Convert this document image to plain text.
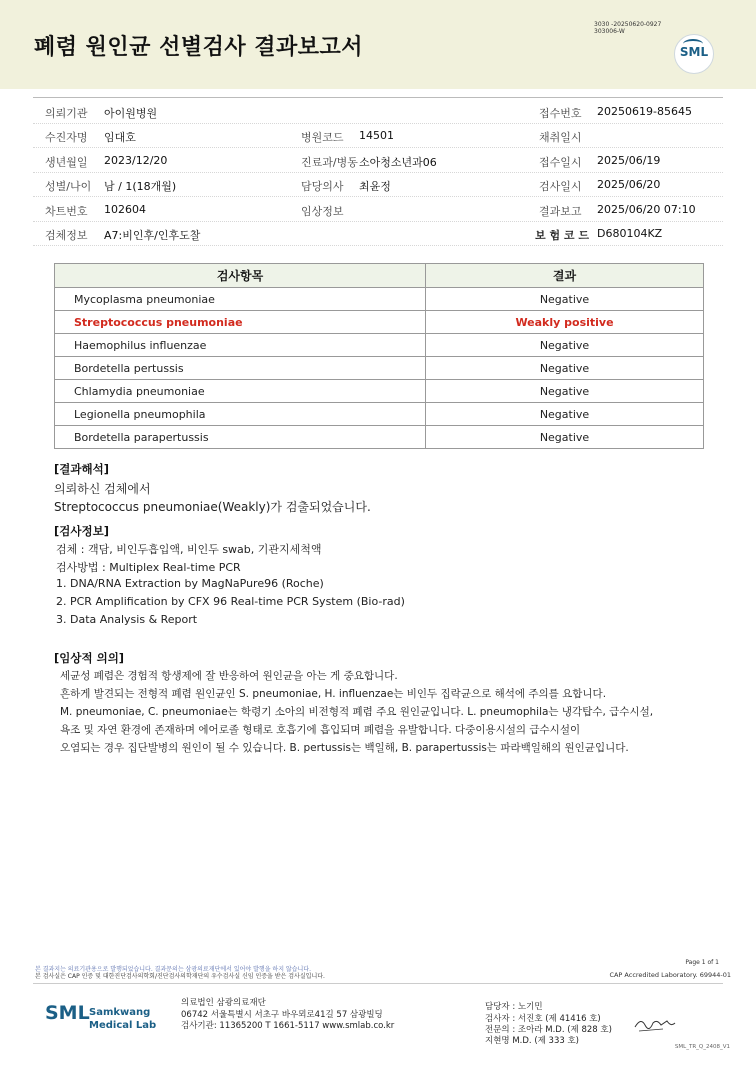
폐렴 원인균 선별검사 결과보고서
3030 -20250620-0927
303006-W
SML
의뢰기관 아이원병원	접수번호 20250619-85645
수진자명 임대호	병원코드 14501	채취일시
생년월일 2023/12/20	진료과/병동 소아청소년과06	접수일시 2025/06/19
성별/나이 남 / 1(18개월)	담당의사 최윤정	검사일시 2025/06/20
차트번호 102604	임상정보	결과보고 2025/06/20 07:10
검체정보 A7:비인후/인후도찰	보 험 코 드 D680104KZ
검사항목	결과
Mycoplasma pneumoniae	Negative
Streptococcus pneumoniae	Weakly positive
Haemophilus influenzae	Negative
Bordetella pertussis	Negative
Chlamydia pneumoniae	Negative
Legionella pneumophila	Negative
Bordetella parapertussis	Negative
[결과해석]
의뢰하신 검체에서
Streptococcus pneumoniae(Weakly)가 검출되었습니다.
[검사정보]
검체 : 객담, 비인두흡입액, 비인두 swab, 기관지세척액
검사방법 : Multiplex Real-time PCR
1. DNA/RNA Extraction by MagNaPure96 (Roche)
2. PCR Amplification by CFX 96 Real-time PCR System (Bio-rad)
3. Data Analysis & Report
[임상적 의의]
세균성 폐렴은 경험적 항생제에 잘 반응하여 원인균을 아는 게 중요합니다.
흔하게 발견되는 전형적 폐렴 원인균인 S. pneumoniae, H. influenzae는 비인두 집락균으로 해석에 주의를 요합니다.
M. pneumoniae, C. pneumoniae는 학령기 소아의 비전형적 폐렴 주요 원인균입니다. L. pneumophila는 냉각탑수, 급수시설,
욕조 및 자연 환경에 존재하며 에어로졸 형태로 호흡기에 흡입되며 폐렴을 유발합니다. 다중이용시설의 급수시설이
오염되는 경우 집단발병의 원인이 될 수 있습니다. B. pertussis는 백일해, B. parapertussis는 파라백일해의 원인균입니다.
본 결과지는 의료기관용으로 발행되었습니다. 결과문의는 삼광의료재단에서 있어야 발행을 하지 않습니다.
본 검사실은 CAP 인증 및 대한진단검사의학회/진단검사의학재단의 우수검사실 신임 인증을 받은 검사실입니다.
Page 1 of 1
CAP Accredited Laboratory. 69944-01
SML Samkwang
Medical Lab
의료법인 삼광의료재단
06742 서울특별시 서초구 바우뫼로41길 57 삼광빌딩
검사기관: 11365200 T 1661-5117 www.smlab.co.kr
담당자 : 노기민
검사자 : 서진호 (제 41416 호)
전문의 : 조아라 M.D. (제 828 호)
지현명 M.D. (제 333 호)
SML_TR_Q_2408_V1
